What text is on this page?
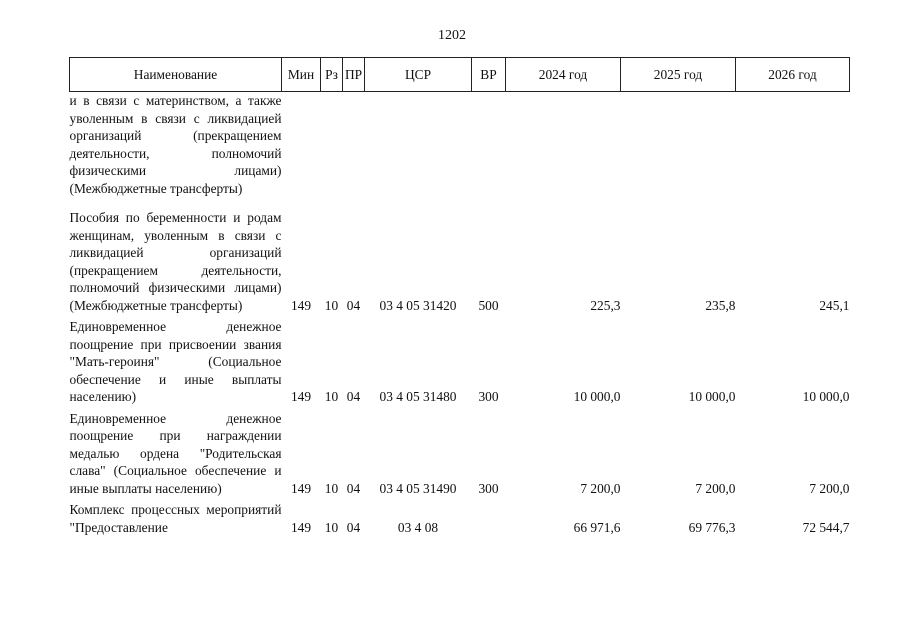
1202
Наименование	Мин	Рз	ПР	ЦСР	ВР	2024 год	2025 год	2026 год
и в связи с материнством, а также уволенным в связи с ликвидацией организаций (прекращением деятельности, полномочий физическими лицами) (Межбюджетные трансферты)								
Пособия по беременности и родам женщинам, уволенным в связи с ликвидацией организаций (прекращением деятельности, полномочий физическими лицами) (Межбюджетные трансферты)	149	10	04	03 4 05 31420	500	225,3	235,8	245,1
Единовременное денежное поощрение при присвоении звания "Мать-героиня" (Социальное обеспечение и иные выплаты населению)	149	10	04	03 4 05 31480	300	10 000,0	10 000,0	10 000,0
Единовременное денежное поощрение при награждении медалью ордена "Родительская слава" (Социальное обеспечение и иные выплаты населению)	149	10	04	03 4 05 31490	300	7 200,0	7 200,0	7 200,0
Комплекс процессных мероприятий "Предоставление	149	10	04	03 4 08		66 971,6	69 776,3	72 544,7
